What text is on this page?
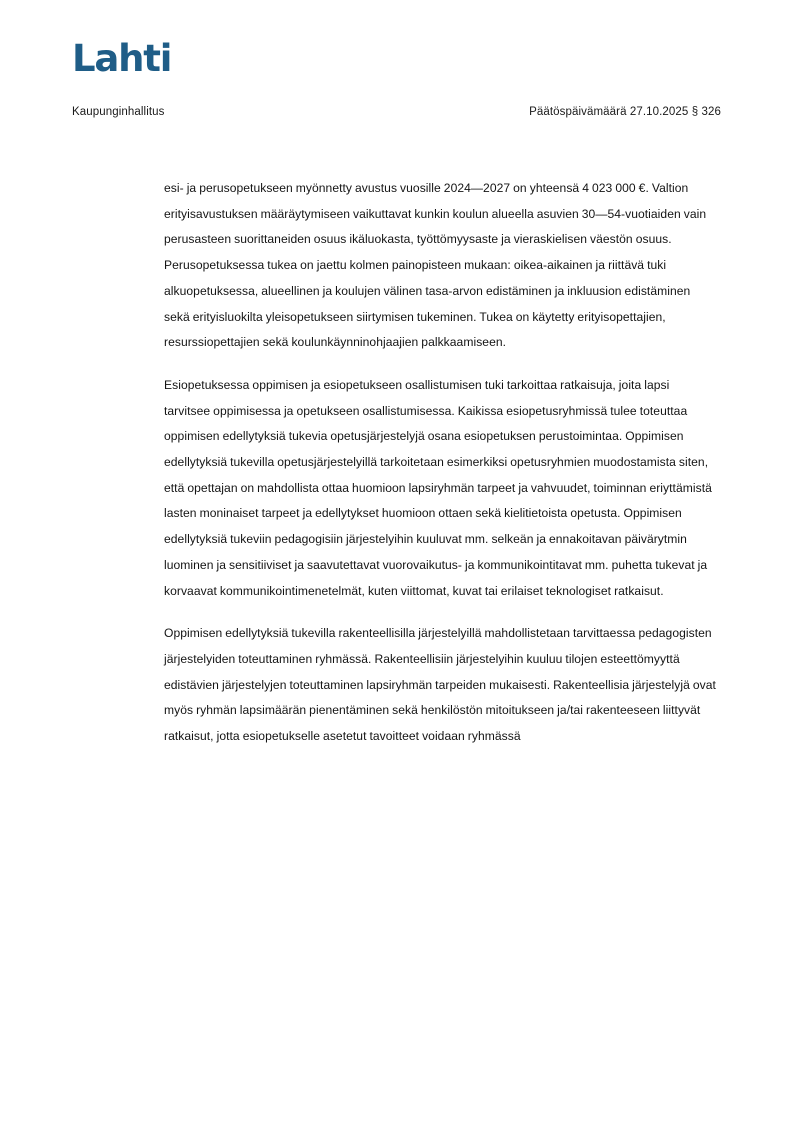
Lahti
Kaupunginhallitus	Päätöspäivämäärä 27.10.2025 § 326

esi- ja perusopetukseen myönnetty avustus vuosille 2024—2027 on yhteensä 4 023 000 €. Valtion erityisavustuksen määräytymiseen vaikuttavat kunkin koulun alueella asuvien 30—54-vuotiaiden vain perusasteen suorittaneiden osuus ikäluokasta, työttömyysaste ja vieraskielisen väestön osuus. Perusopetuksessa tukea on jaettu kolmen painopisteen mukaan: oikea-aikainen ja riittävä tuki alkuopetuksessa, alueellinen ja koulujen välinen tasa-arvon edistäminen ja inkluusion edistäminen sekä erityisluokilta yleisopetukseen siirtymisen tukeminen. Tukea on käytetty erityisopettajien, resurssiopettajien sekä koulunkäynninohjaajien palkkaamiseen.

Esiopetuksessa oppimisen ja esiopetukseen osallistumisen tuki tarkoittaa ratkaisuja, joita lapsi tarvitsee oppimisessa ja opetukseen osallistumisessa. Kaikissa esiopetusryhmissä tulee toteuttaa oppimisen edellytyksiä tukevia opetusjärjestelyjä osana esiopetuksen perustoimintaa. Oppimisen edellytyksiä tukevilla opetusjärjestelyillä tarkoitetaan esimerkiksi opetusryhmien muodostamista siten, että opettajan on mahdollista ottaa huomioon lapsiryhmän tarpeet ja vahvuudet, toiminnan eriyttämistä lasten moninaiset tarpeet ja edellytykset huomioon ottaen sekä kielitietoista opetusta. Oppimisen edellytyksiä tukeviin pedagogisiin järjestelyihin kuuluvat mm. selkeän ja ennakoitavan päivärytmin luominen ja sensitiiviset ja saavutettavat vuorovaikutus- ja kommunikointitavat mm. puhetta tukevat ja korvaavat kommunikointimenetelmät, kuten viittomat, kuvat tai erilaiset teknologiset ratkaisut.

Oppimisen edellytyksiä tukevilla rakenteellisilla järjestelyillä mahdollistetaan tarvittaessa pedagogisten järjestelyiden toteuttaminen ryhmässä. Rakenteellisiin järjestelyihin kuuluu tilojen esteettömyyttä edistävien järjestelyjen toteuttaminen lapsiryhmän tarpeiden mukaisesti. Rakenteellisia järjestelyjä ovat myös ryhmän lapsimäärän pienentäminen sekä henkilöstön mitoitukseen ja/tai rakenteeseen liittyvät ratkaisut, jotta esiopetukselle asetetut tavoitteet voidaan ryhmässä
